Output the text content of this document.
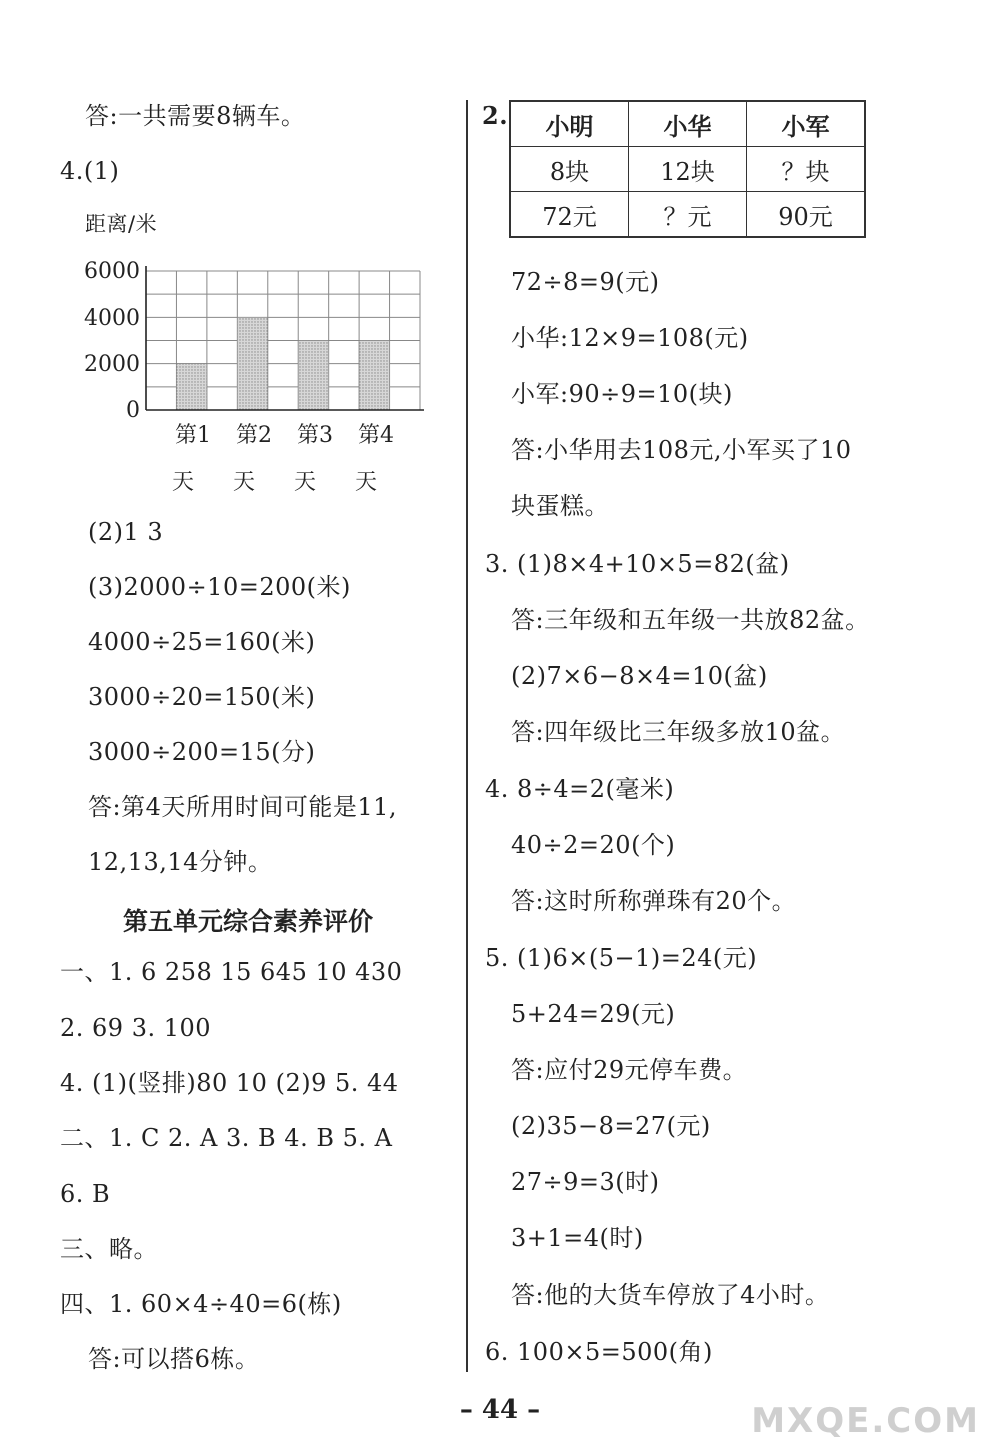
答:一共需要8辆车。
4.(1)
距离/米
6000
4000
2000
0
第1	第2	第3	第4
天	天	天	天
(2)1 3
(3)2000÷10=200(米)
4000÷25=160(米)
3000÷20=150(米)
3000÷200=15(分)
答:第4天所用时间可能是11,
12,13,14分钟。
第五单元综合素养评价
一、1. 6 258 15 645 10 430
2. 69 3. 100
4. (1)(竖排)80 10 (2)9 5. 44
二、1. C 2. A 3. B 4. B 5. A
6. B
三、略。
四、1. 60×4÷40=6(栋)
答:可以搭6栋。
2. 小明	小华	小军
8块	12块	？块
72元	？元	90元
72÷8=9(元)
小华:12×9=108(元)
小军:90÷9=10(块)
答:小华用去108元,小军买了10
块蛋糕。
3. (1)8×4+10×5=82(盆)
答:三年级和五年级一共放82盆。
(2)7×6−8×4=10(盆)
答:四年级比三年级多放10盆。
4. 8÷4=2(毫米)
40÷2=20(个)
答:这时所称弹珠有20个。
5. (1)6×(5−1)=24(元)
5+24=29(元)
答:应付29元停车费。
(2)35−8=27(元)
27÷9=3(时)
3+1=4(时)
答:他的大货车停放了4小时。
6. 100×5=500(角)
– 44 –	MXQE.COM
